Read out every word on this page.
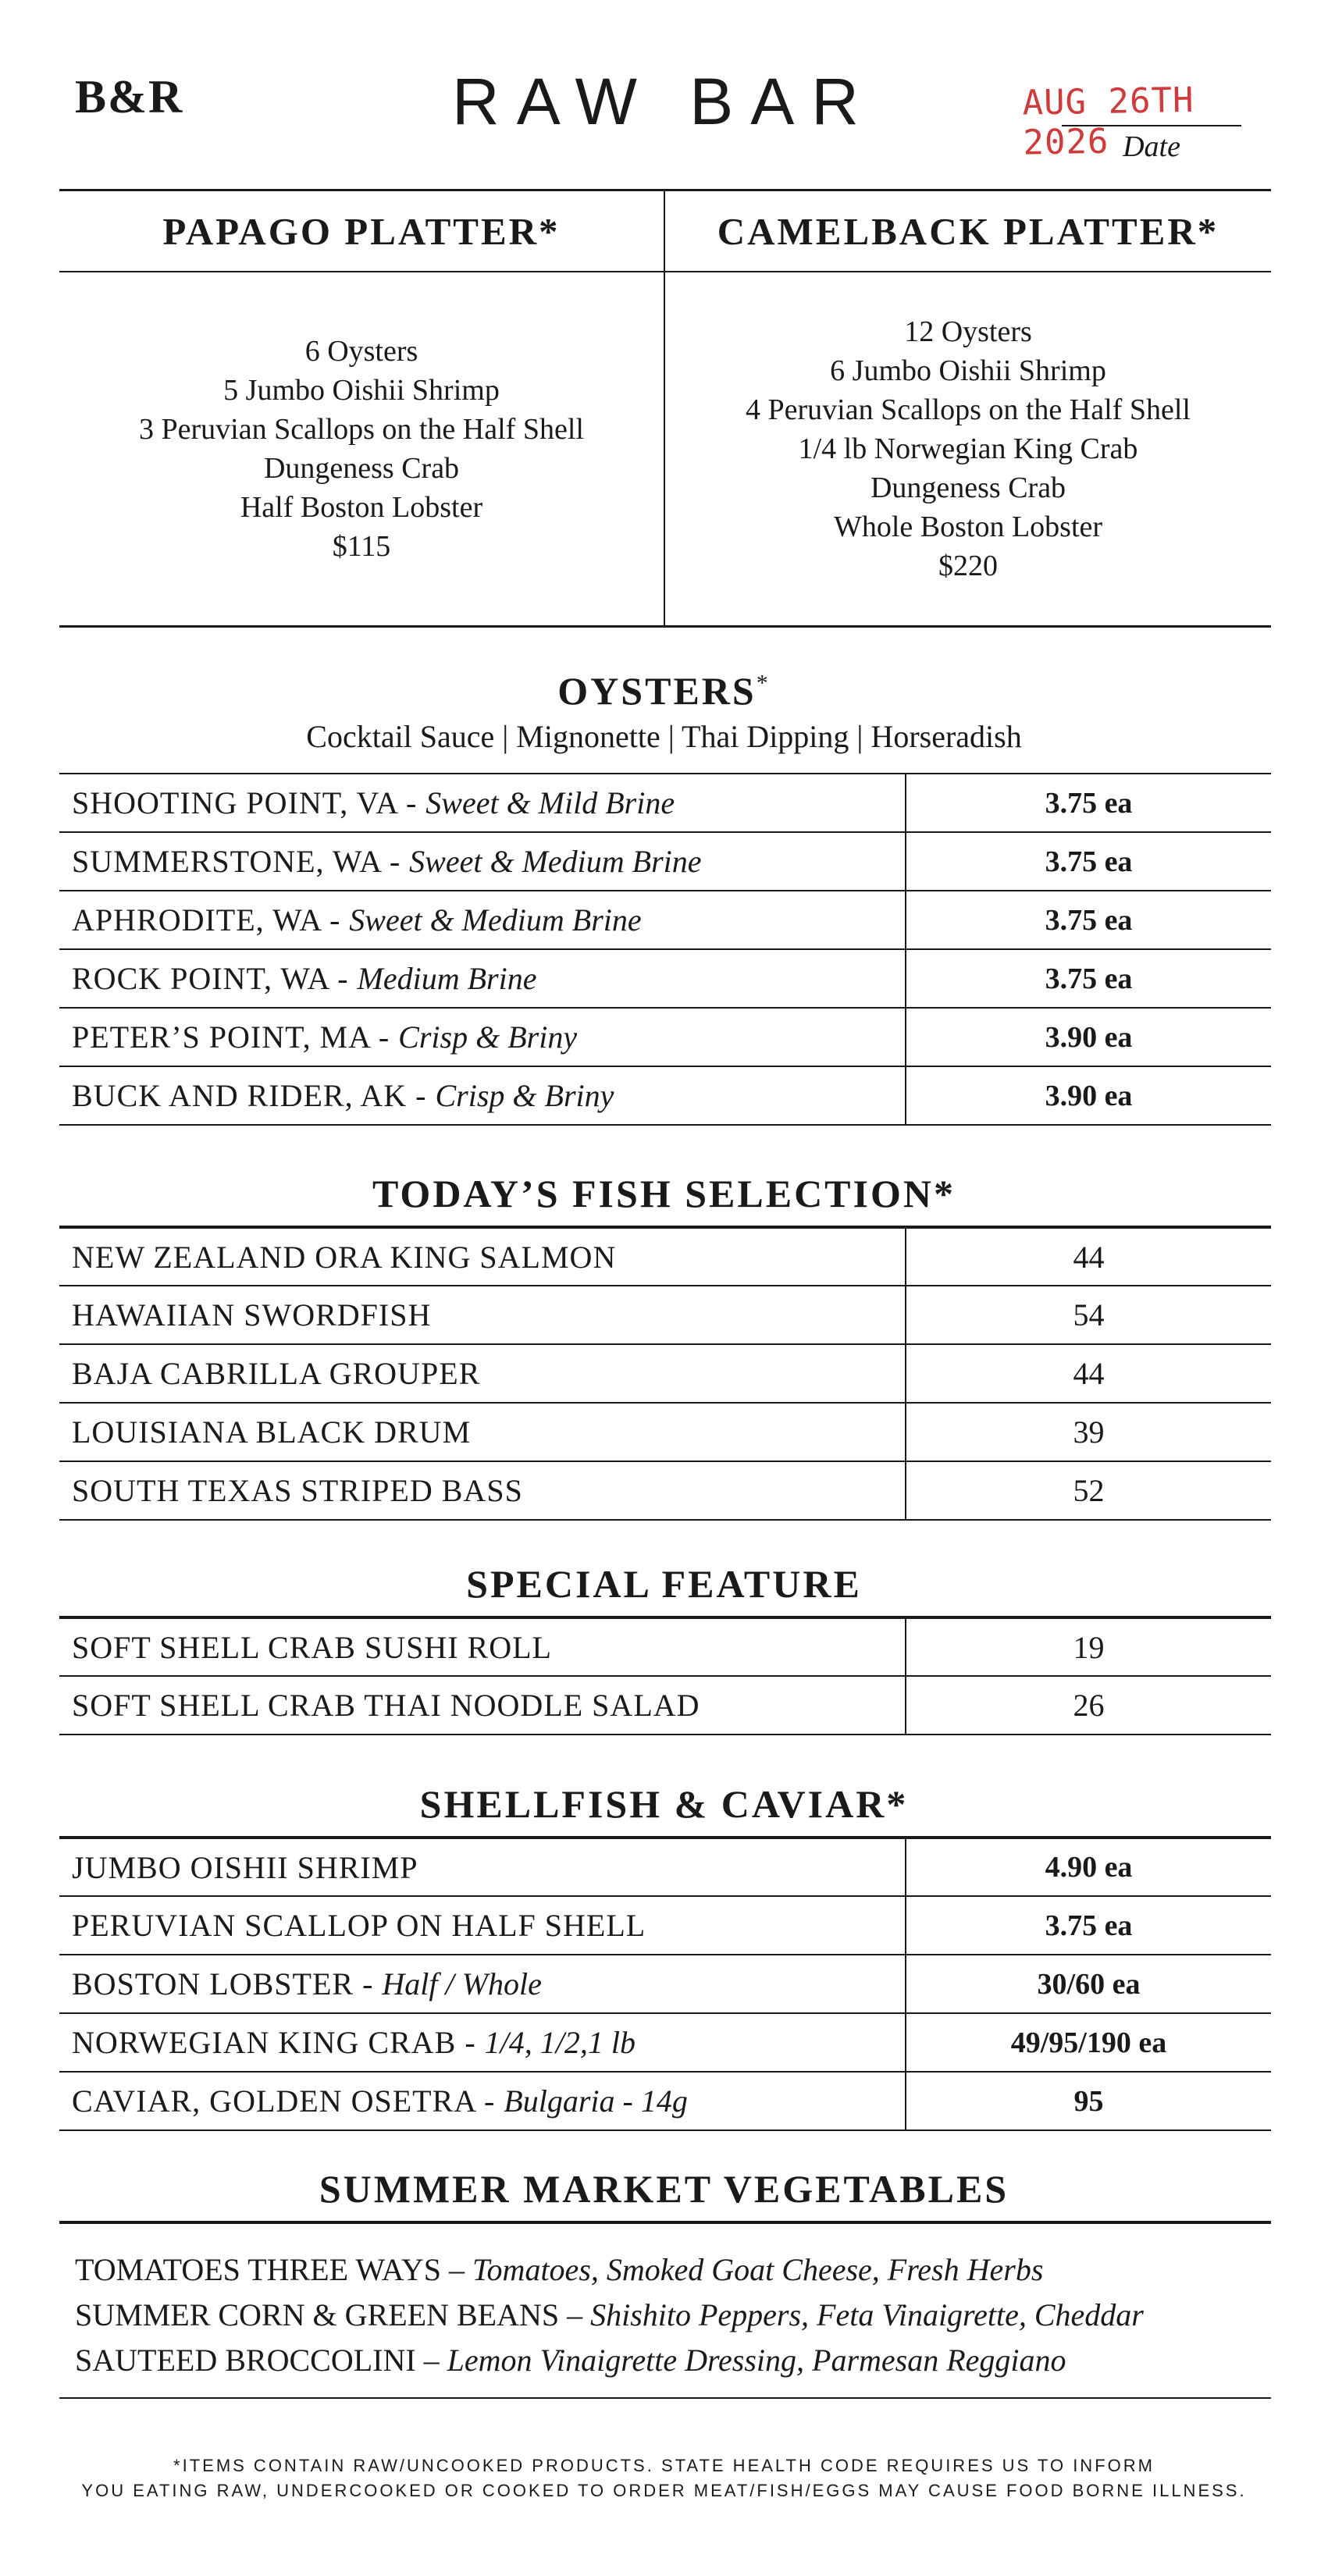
B&R	RAW BAR	AUG 26TH 2026 Date
PAPAGO PLATTER*
6 Oysters
5 Jumbo Oishii Shrimp
3 Peruvian Scallops on the Half Shell
Dungeness Crab
Half Boston Lobster
$115
CAMELBACK PLATTER*
12 Oysters
6 Jumbo Oishii Shrimp
4 Peruvian Scallops on the Half Shell
1/4 lb Norwegian King Crab
Dungeness Crab
Whole Boston Lobster
$220
OYSTERS*
Cocktail Sauce | Mignonette | Thai Dipping | Horseradish
SHOOTING POINT, VA - Sweet & Mild Brine	3.75 ea
SUMMERSTONE, WA - Sweet & Medium Brine	3.75 ea
APHRODITE, WA - Sweet & Medium Brine	3.75 ea
ROCK POINT, WA - Medium Brine	3.75 ea
PETER’S POINT, MA - Crisp & Briny	3.90 ea
BUCK AND RIDER, AK - Crisp & Briny	3.90 ea
TODAY’S FISH SELECTION*
NEW ZEALAND ORA KING SALMON	44
HAWAIIAN SWORDFISH	54
BAJA CABRILLA GROUPER	44
LOUISIANA BLACK DRUM	39
SOUTH TEXAS STRIPED BASS	52
SPECIAL FEATURE
SOFT SHELL CRAB SUSHI ROLL	19
SOFT SHELL CRAB THAI NOODLE SALAD	26
SHELLFISH & CAVIAR*
JUMBO OISHII SHRIMP	4.90 ea
PERUVIAN SCALLOP ON HALF SHELL	3.75 ea
BOSTON LOBSTER - Half / Whole	30/60 ea
NORWEGIAN KING CRAB - 1/4, 1/2,1 lb	49/95/190 ea
CAVIAR, GOLDEN OSETRA - Bulgaria - 14g	95
SUMMER MARKET VEGETABLES
TOMATOES THREE WAYS – Tomatoes, Smoked Goat Cheese, Fresh Herbs
SUMMER CORN & GREEN BEANS – Shishito Peppers, Feta Vinaigrette, Cheddar
SAUTEED BROCCOLINI – Lemon Vinaigrette Dressing, Parmesan Reggiano
*ITEMS CONTAIN RAW/UNCOOKED PRODUCTS. STATE HEALTH CODE REQUIRES US TO INFORM
YOU EATING RAW, UNDERCOOKED OR COOKED TO ORDER MEAT/FISH/EGGS MAY CAUSE FOOD BORNE ILLNESS.
